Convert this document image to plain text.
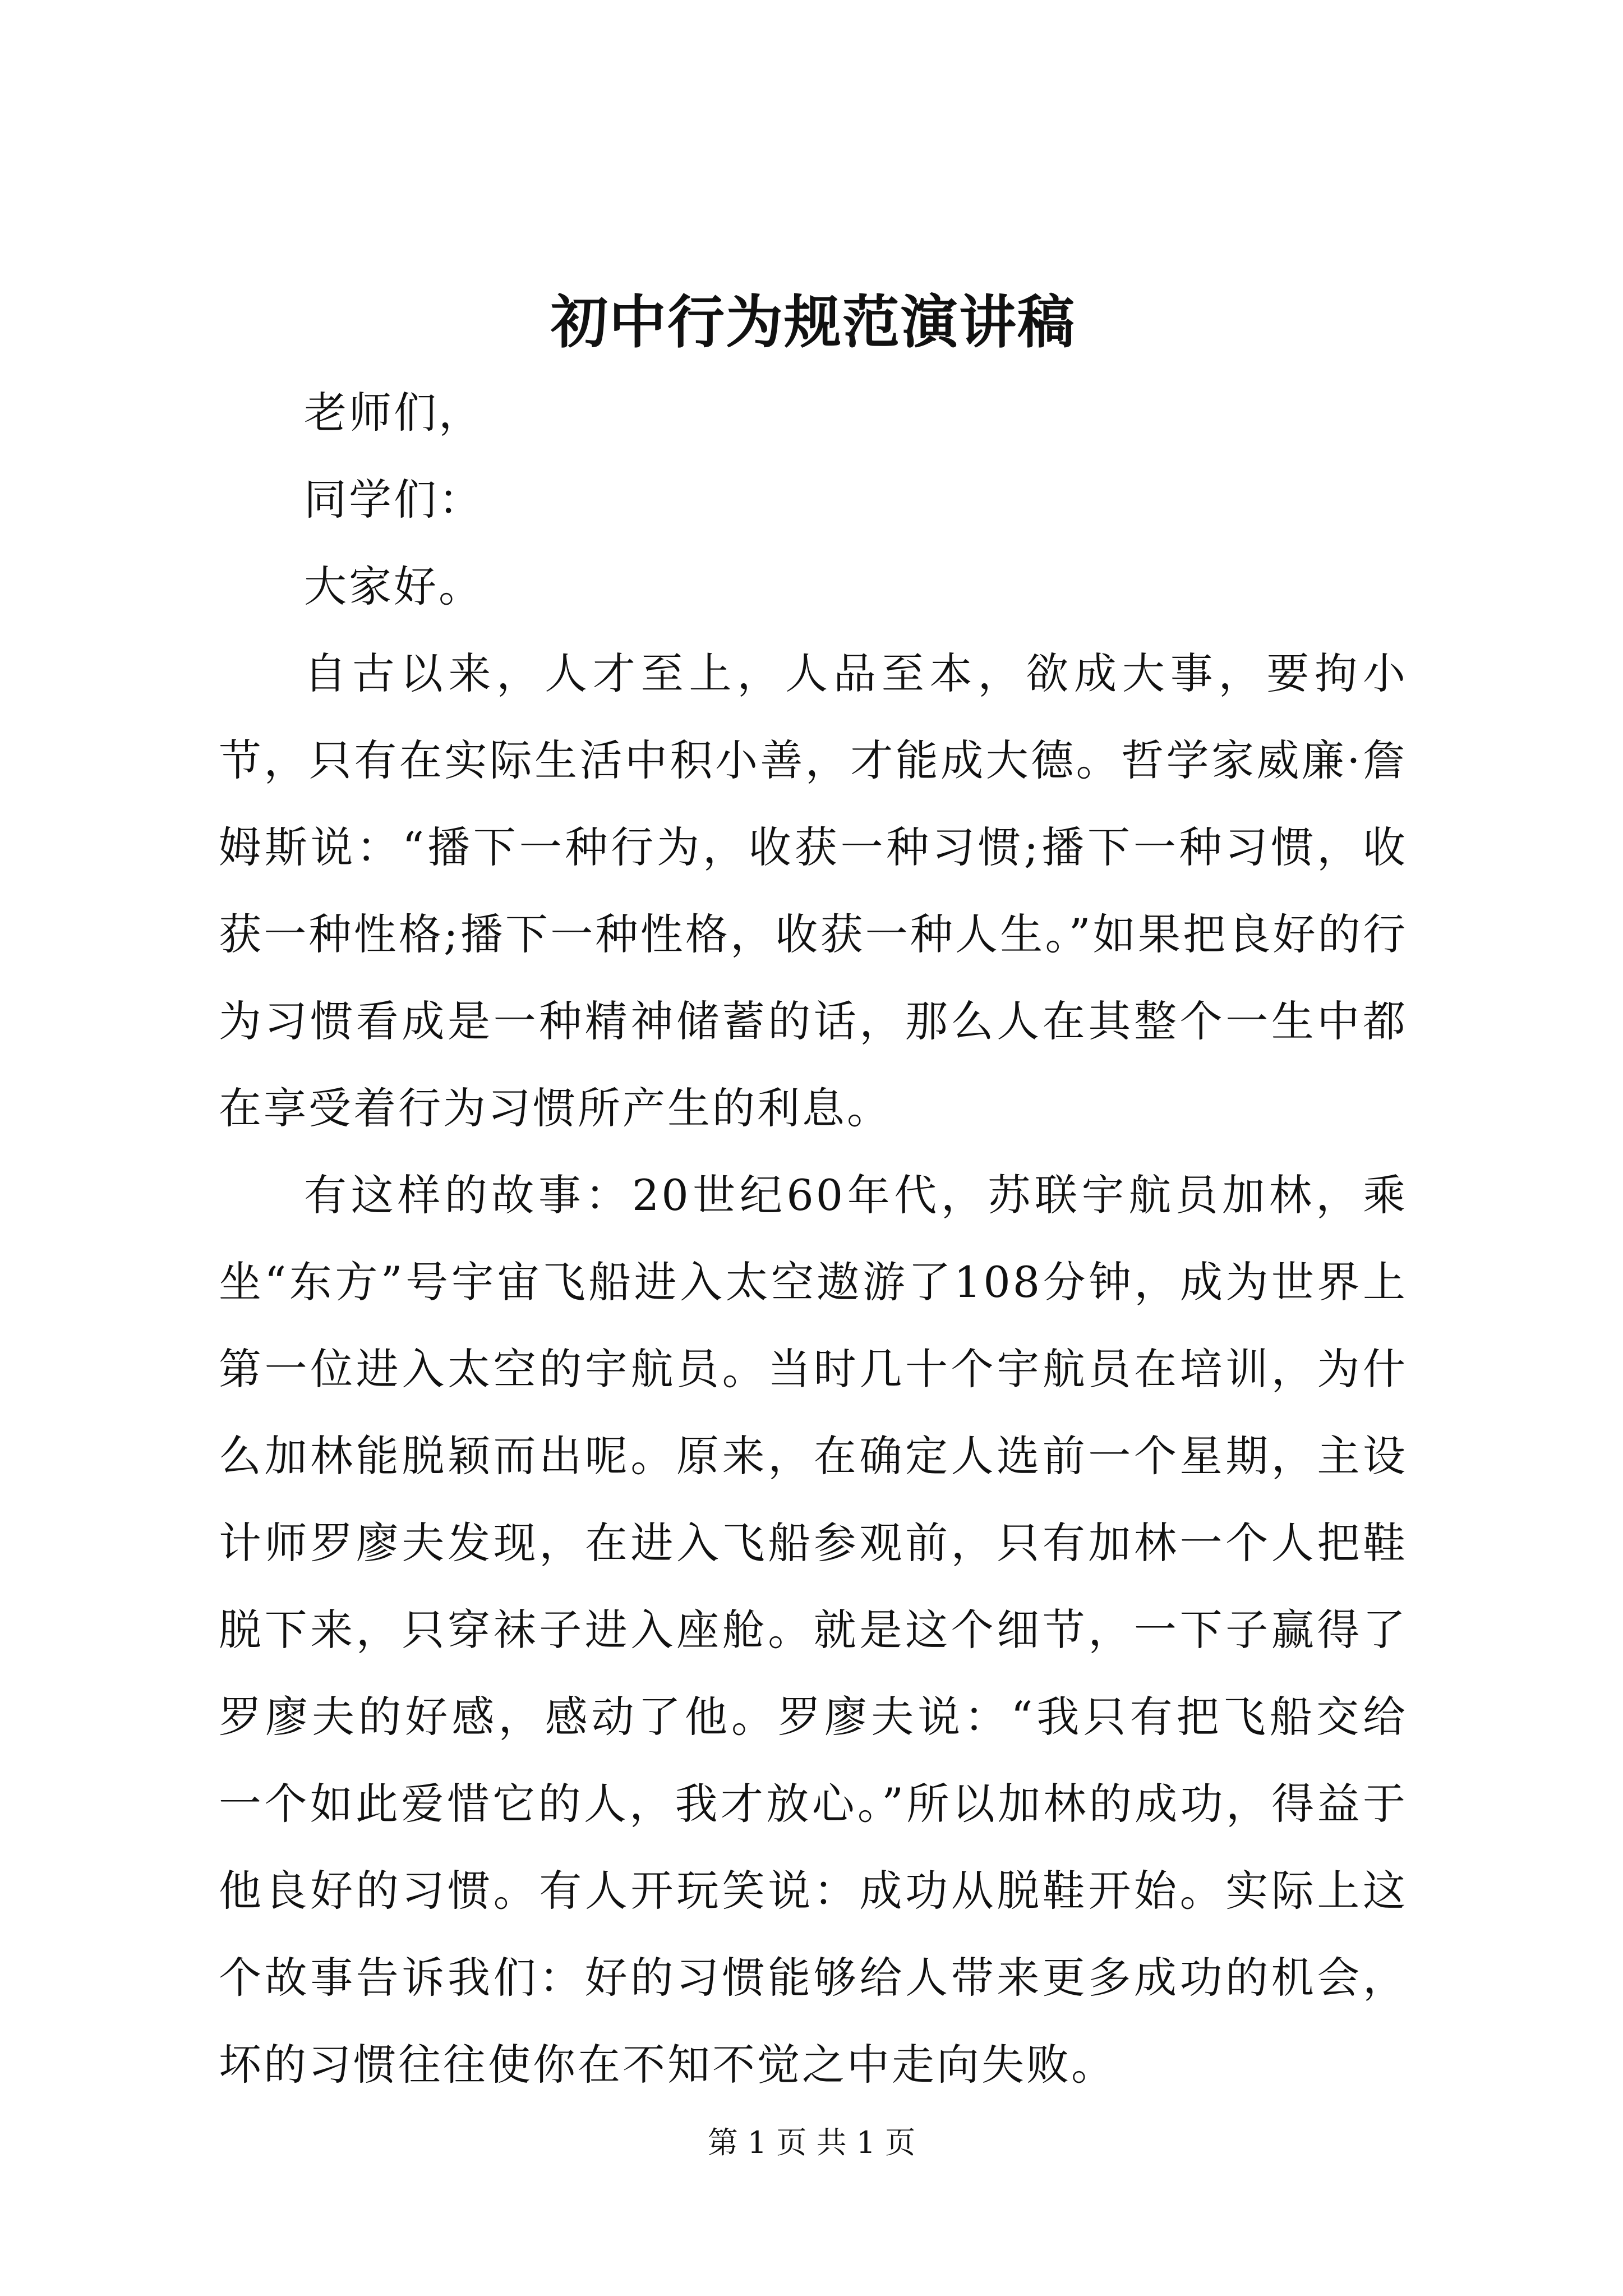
初中行为规范演讲稿

老师们，

同学们：

大家好。

自古以来，人才至上，人品至本，欲成大事，要拘小节，只有在实际生活中积小善，才能成大德。哲学家威廉·詹姆斯说：“播下一种行为，收获一种习惯;播下一种习惯，收获一种性格;播下一种性格，收获一种人生。”如果把良好的行为习惯看成是一种精神储蓄的话，那么人在其整个一生中都在享受着行为习惯所产生的利息。

有这样的故事：20世纪60年代，苏联宇航员加林，乘坐“东方”号宇宙飞船进入太空遨游了108分钟，成为世界上第一位进入太空的宇航员。当时几十个宇航员在培训，为什么加林能脱颖而出呢。原来，在确定人选前一个星期，主设计师罗廖夫发现，在进入飞船参观前，只有加林一个人把鞋脱下来，只穿袜子进入座舱。就是这个细节，一下子赢得了罗廖夫的好感，感动了他。罗廖夫说：“我只有把飞船交给一个如此爱惜它的人，我才放心。”所以加林的成功，得益于他良好的习惯。有人开玩笑说：成功从脱鞋开始。实际上这个故事告诉我们：好的习惯能够给人带来更多成功的机会，坏的习惯往往使你在不知不觉之中走向失败。

第 1 页 共 1 页
